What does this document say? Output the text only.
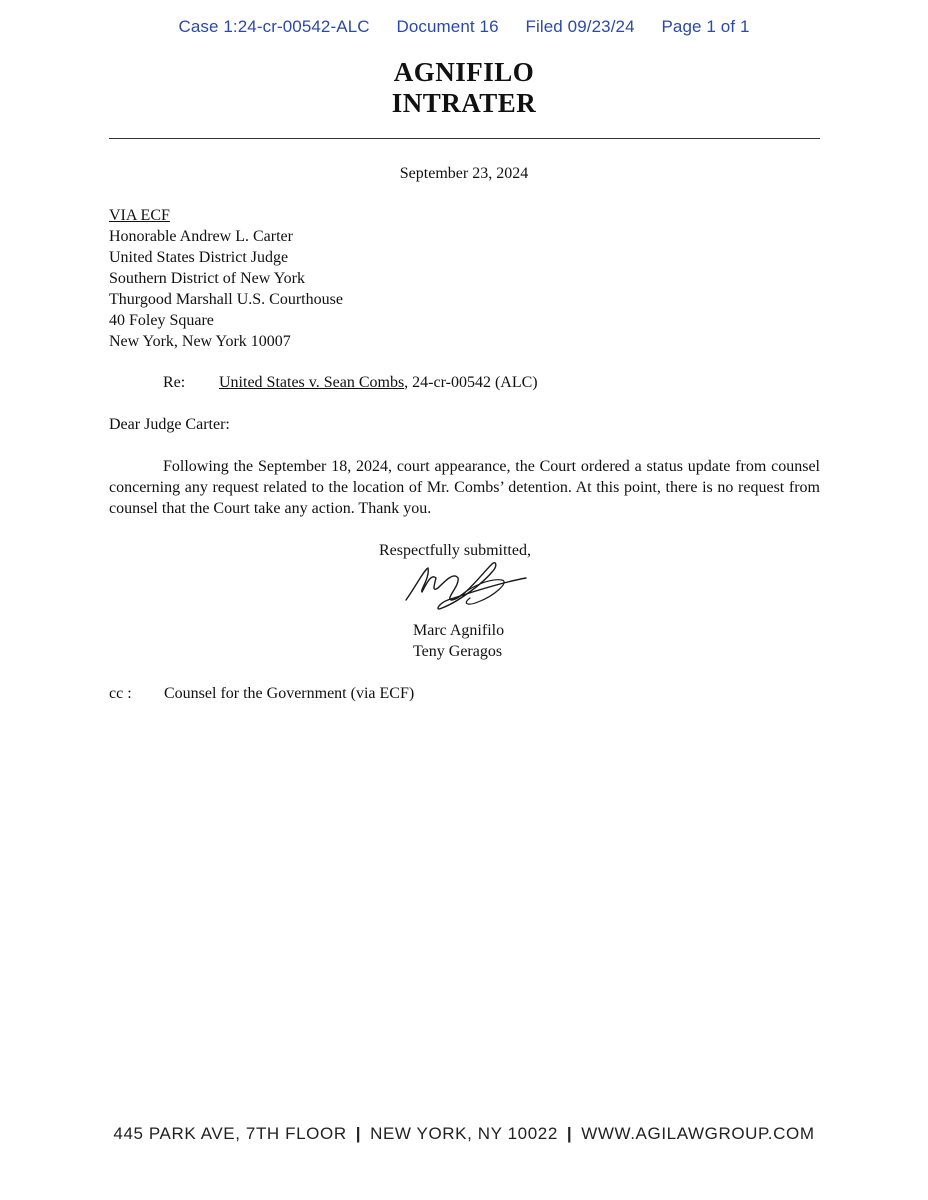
Case 1:24-cr-00542-ALC Document 16 Filed 09/23/24 Page 1 of 1
AGNIFILO
INTRATER
September 23, 2024
VIA ECF
Honorable Andrew L. Carter
United States District Judge
Southern District of New York
Thurgood Marshall U.S. Courthouse
40 Foley Square
New York, New York 10007
Re: United States v. Sean Combs, 24-cr-00542 (ALC)
Dear Judge Carter:
Following the September 18, 2024, court appearance, the Court ordered a status update from counsel concerning any request related to the location of Mr. Combs’ detention. At this point, there is no request from counsel that the Court take any action. Thank you.
Respectfully submitted,
Marc Agnifilo
Teny Geragos
cc : Counsel for the Government (via ECF)
445 PARK AVE, 7TH FLOOR | NEW YORK, NY 10022 | WWW.AGILAWGROUP.COM
